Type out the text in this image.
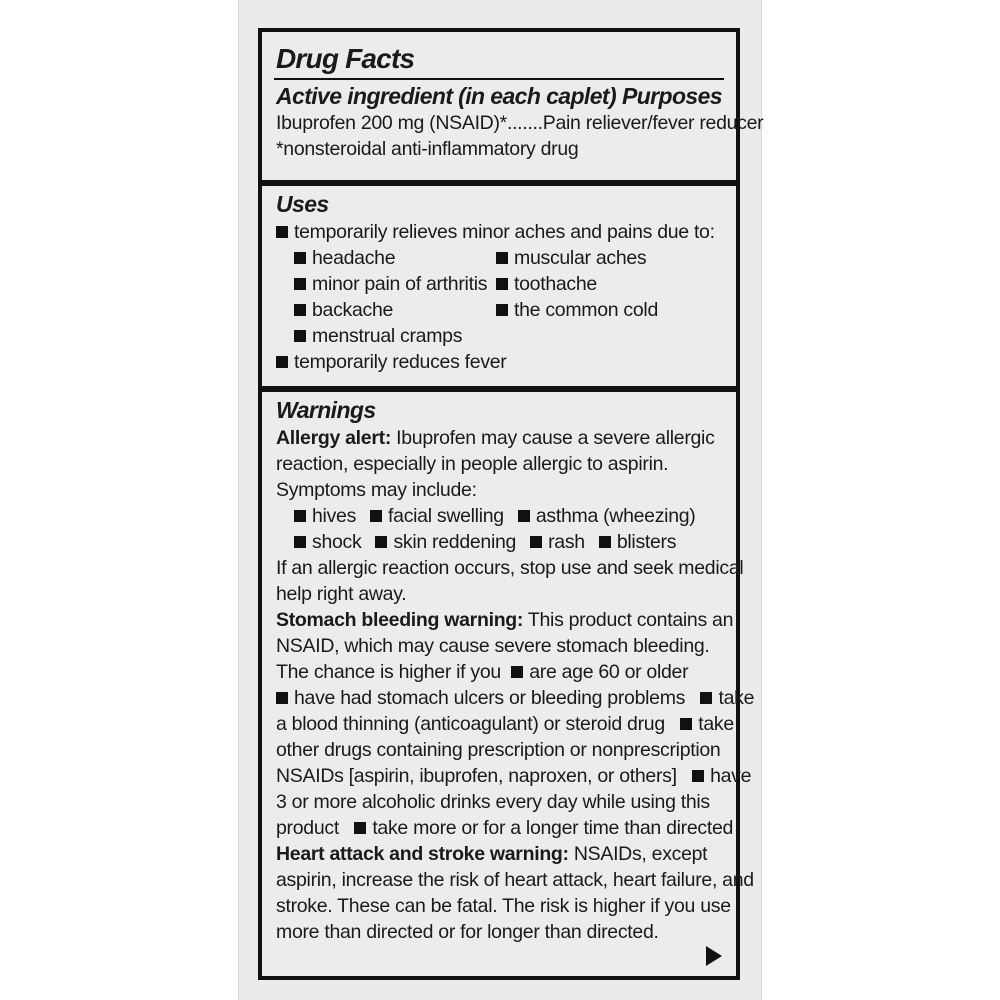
Drug Facts
Active ingredient (in each caplet) Purposes
Ibuprofen 200 mg (NSAID)*.......Pain reliever/fever reducer
*nonsteroidal anti-inflammatory drug
Uses
temporarily relieves minor aches and pains due to:
headache	muscular aches
minor pain of arthritis	toothache
backache	the common cold
menstrual cramps
temporarily reduces fever
Warnings
Allergy alert: Ibuprofen may cause a severe allergic
reaction, especially in people allergic to aspirin.
Symptoms may include:
hives	facial swelling	asthma (wheezing)
shock	skin reddening	rash	blisters
If an allergic reaction occurs, stop use and seek medical
help right away.
Stomach bleeding warning: This product contains an
NSAID, which may cause severe stomach bleeding.
The chance is higher if you are age 60 or older
have had stomach ulcers or bleeding problems take
a blood thinning (anticoagulant) or steroid drug take
other drugs containing prescription or nonprescription
NSAIDs [aspirin, ibuprofen, naproxen, or others] have
3 or more alcoholic drinks every day while using this
product take more or for a longer time than directed
Heart attack and stroke warning: NSAIDs, except
aspirin, increase the risk of heart attack, heart failure, and
stroke. These can be fatal. The risk is higher if you use
more than directed or for longer than directed.
